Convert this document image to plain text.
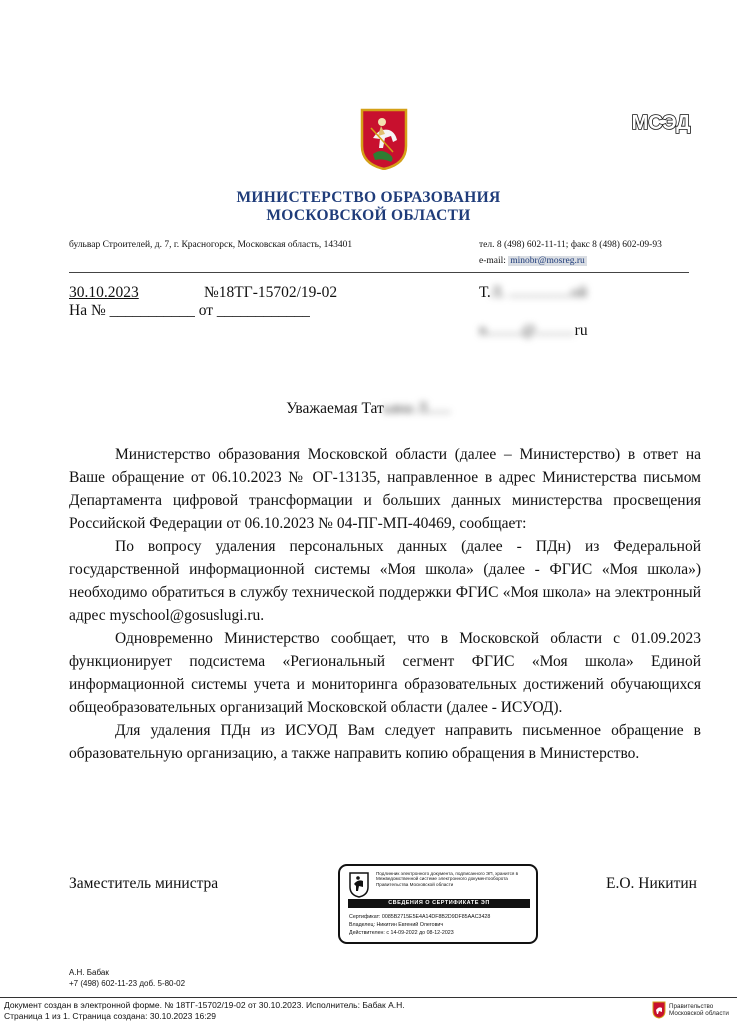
МСЭД
МИНИСТЕРСТВО ОБРАЗОВАНИЯ
МОСКОВСКОЙ ОБЛАСТИ
бульвар Строителей, д. 7, г. Красногорск, Московская область, 143401	тел. 8 (498) 602-11-11; факс 8 (498) 602-09-93
e-mail: minobr@mosreg.ru
30.10.2023	№18ТГ-15702/19-02
На № ___________ от ____________
Т.Л. ................ой
n.........@..........ru
Уважаемая Татьяна Л......

Министерство образования Московской области (далее – Министерство) в ответ на Ваше обращение от 06.10.2023 № ОГ-13135, направленное в адрес Министерства письмом Департамента цифровой трансформации и больших данных министерства просвещения Российской Федерации от 06.10.2023 № 04-ПГ-МП-40469, сообщает:

По вопросу удаления персональных данных (далее - ПДн) из Федеральной государственной информационной системы «Моя школа» (далее - ФГИС «Моя школа») необходимо обратиться в службу технической поддержки ФГИС «Моя школа» на электронный адрес myschool@gosuslugi.ru.

Одновременно Министерство сообщает, что в Московской области с 01.09.2023 функционирует подсистема «Региональный сегмент ФГИС «Моя школа» Единой информационной системы учета и мониторинга образовательных достижений обучающихся общеобразовательных организаций Московской области (далее - ИСУОД).

Для удаления ПДн из ИСУОД Вам следует направить письменное обращение в образовательную организацию, а также направить копию обращения в Министерство.

Заместитель министра	Е.О. Никитин
Подлинник электронного документа, подписанного ЭП, хранится в Межведомственной системе электронного документооборота Правительства Московской области
СВЕДЕНИЯ О СЕРТИФИКАТЕ ЭП
Сертификат: 0085B2715E5E4A14DF8B2D9DF85AAC3428
Владелец: Никитин Евгений Олегович
Действителен: с 14-09-2022 до 08-12-2023
А.Н. Бабак
+7 (498) 602-11-23 доб. 5-80-02
Документ создан в электронной форме. № 18ТГ-15702/19-02 от 30.10.2023. Исполнитель: Бабак А.Н.
Страница 1 из 1. Страница создана: 30.10.2023 16:29
Правительство
Московской области
